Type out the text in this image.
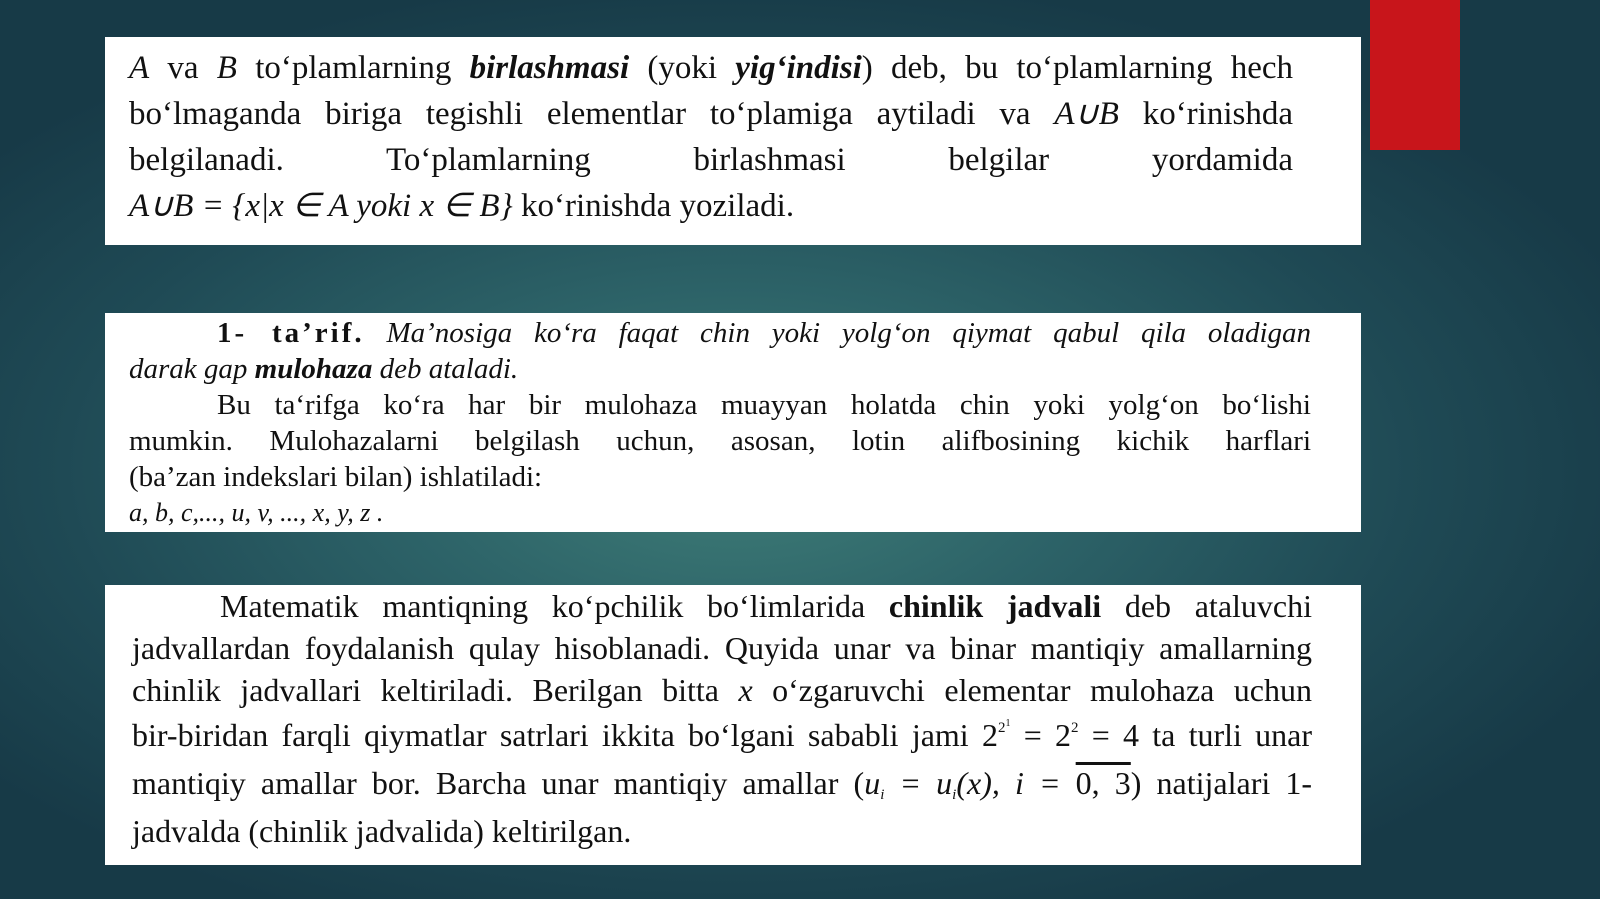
A va B to‘plamlarning birlashmasi (yoki yig‘indisi) deb, bu to‘plamlarning hech
bo‘lmaganda biriga tegishli elementlar to‘plamiga aytiladi va A∪B ko‘rinishda
belgilanadi. To‘plamlarning birlashmasi belgilar yordamida
A∪B = {x|x ∈ A yoki x ∈ B} ko‘rinishda yoziladi.
1- ta’rif. Ma’nosiga ko‘ra faqat chin yoki yolg‘on qiymat qabul qila oladigan
darak gap mulohaza deb ataladi.
Bu ta‘rifga ko‘ra har bir mulohaza muayyan holatda chin yoki yolg‘on bo‘lishi
mumkin. Mulohazalarni belgilash uchun, asosan, lotin alifbosining kichik harflari
(ba’zan indekslari bilan) ishlatiladi:
a, b, c,..., u, v, ..., x, y, z .
Matematik mantiqning ko‘pchilik bo‘limlarida chinlik jadvali deb ataluvchi
jadvallardan foydalanish qulay hisoblanadi. Quyida unar va binar mantiqiy amallarning
chinlik jadvallari keltiriladi. Berilgan bitta x o‘zgaruvchi elementar mulohaza uchun
bir-biridan farqli qiymatlar satrlari ikkita bo‘lgani sababli jami $2^{2^1} = 2^2 = 4$ ta turli unar
mantiqiy amallar bor. Barcha unar mantiqiy amallar ($u_i = u_i(x)$, i = 0, 3) natijalari 1-
jadvalda (chinlik jadvalida) keltirilgan.
